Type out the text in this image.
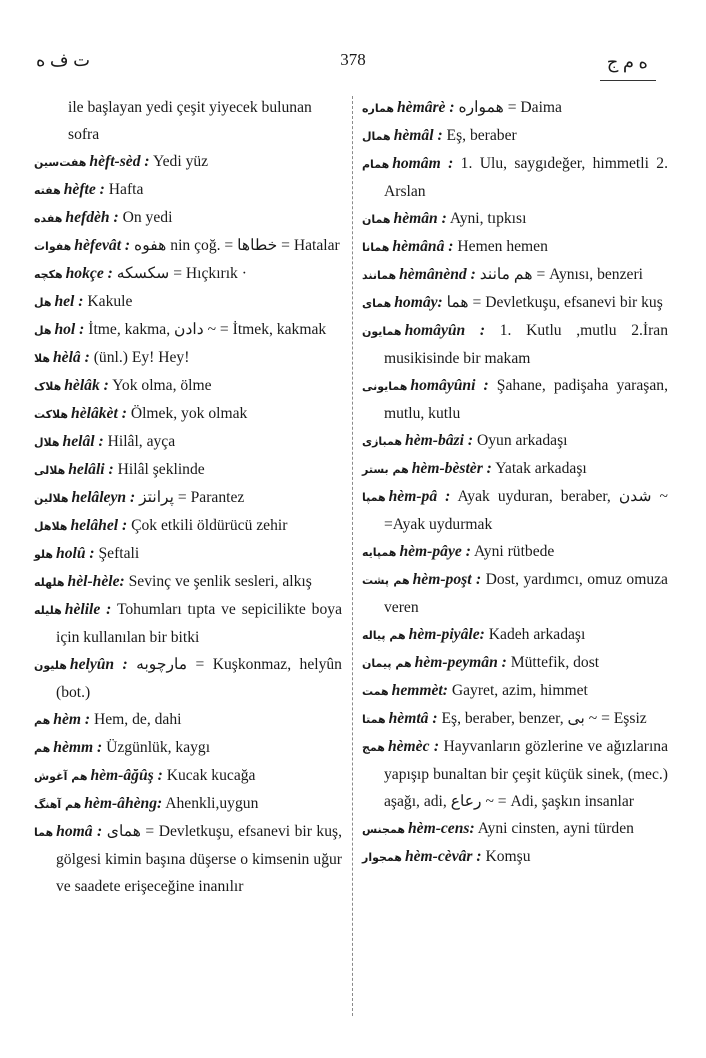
ت ف ه	378	ه م ج

ile başlayan yedi çeşit yiyecek bulunan sofra

هفت‌سین hèft-sèd : Yedi yüz

هفته hèfte : Hafta

هفده hefdèh : On yedi

هفوات hèfevât : هفوه nin çoğ. = خطاها = Hatalar

هکچه hokçe : سکسکه = Hıçkırık ·

هل hel : Kakule

هل hol : İtme, kakma, دادن ~ = İtmek, kakmak

هلا hèlâ : (ünl.) Ey! Hey!

هلاک hèlâk : Yok olma, ölme

هلاکت hèlâkèt : Ölmek, yok olmak

هلال helâl : Hilâl, ayça

هلالی helâli : Hilâl şeklinde

هلالین helâleyn : پرانتز = Parantez

هلاهل helâhel : Çok etkili öldürücü zehir

هلو holû : Şeftali

هلهله hèl-hèle: Sevinç ve şenlik sesleri, alkış

هلیله hèlile : Tohumları tıpta ve sepicilikte boya için kullanılan bir bitki

هلیون helyûn : مارچوبه = Kuşkonmaz, helyûn (bot.)

هم hèm : Hem, de, dahi

هم hèmm : Üzgünlük, kaygı

هم آغوش hèm-âğûş : Kucak kucağa

هم آهنگ hèm-âhèng: Ahenkli,uygun

هما homâ : همای = Devletkuşu, efsanevi bir kuş, gölgesi kimin başına düşerse o kimsenin uğur ve saadete erişeceğine inanılır

همارە hèmârè : هموارە = Daima

همال hèmâl : Eş, beraber

همام homâm : 1. Ulu, saygıdeğer, himmetli 2. Arslan

همان hèmân : Ayni, tıpkısı

همانا hèmânâ : Hemen hemen

همانند hèmânènd : هم مانند = Aynısı, benzeri

همای homây: هما = Devletkuşu, efsanevi bir kuş

همایون homâyûn : 1. Kutlu ,mutlu 2.İran musikisinde bir makam

همایونی homâyûni : Şahane, padişaha yaraşan, mutlu, kutlu

همبازی hèm-bâzi : Oyun arkadaşı

هم بستر hèm-bèstèr : Yatak arkadaşı

همپا hèm-pâ : Ayak uyduran, beraber, شدن ~ =Ayak uydurmak

همپایه hèm-pâye : Ayni rütbede

هم پشت hèm-poşt : Dost, yardımcı, omuz omuza veren

هم پیاله hèm-piyâle: Kadeh arkadaşı

هم پیمان hèm-peymân : Müttefik, dost

همت hemmèt: Gayret, azim, himmet

همتا hèmtâ : Eş, beraber, benzer, بی ~ = Eşsiz

همج hèmèc : Hayvanların gözlerine ve ağızlarına yapışıp bunaltan bir çeşit küçük sinek, (mec.) aşağı, adi, رعاع ~ = Adi, şaşkın insanlar

همجنس hèm-cens: Ayni cinsten, ayni türden

همجوار hèm-cèvâr : Komşu
